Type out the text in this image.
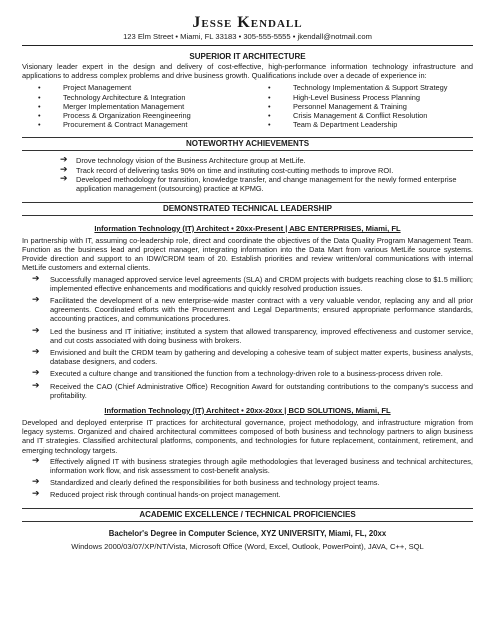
Jesse Kendall
123 Elm Street • Miami, FL 33183 • 305-555-5555 • jkendall@notmail.com
SUPERIOR IT ARCHITECTURE

Visionary leader expert in the design and delivery of cost-effective, high-performance information technology infrastructure and applications to address complex problems and drive business growth. Qualifications include over a decade of experience in:

•	Project Management
•	Technology Architecture & Integration
•	Merger Implementation Management
•	Process & Organization Reengineering
•	Procurement & Contract Management
•	Technology Implementation & Support Strategy
•	High-Level Business Process Planning
•	Personnel Management & Training
•	Crisis Management & Conflict Resolution
•	Team & Department Leadership
NOTEWORTHY ACHIEVEMENTS
➔ Drove technology vision of the Business Architecture group at MetLife.
➔ Track record of delivering tasks 90% on time and instituting cost-cutting methods to improve ROI.
➔ Developed methodology for transition, knowledge transfer, and change management for the newly formed enterprise application management (outsourcing) practice at KPMG.
DEMONSTRATED TECHNICAL LEADERSHIP
Information Technology (IT) Architect • 20xx-Present | ABC ENTERPRISES, Miami, FL

In partnership with IT, assuming co-leadership role, direct and coordinate the objectives of the Data Quality Program Management Team. Function as the business lead and project manager, integrating information into the Data Mart from various MetLife source systems. Provide direction and support to an IDW/CRDM team of 20. Establish priorities and review written/oral communications with internal MetLife customers and external clients.

➔ Successfully managed approved service level agreements (SLA) and CRDM projects with budgets reaching close to $1.5 million; implemented effective enhancements and modifications and quickly resolved production issues.
➔ Facilitated the development of a new enterprise-wide master contract with a very valuable vendor, replacing any and all prior agreements. Coordinated efforts with the Procurement and Legal Departments; ensured appropriate performance standards, accounting practices, and communications procedures.
➔ Led the business and IT initiative; instituted a system that allowed transparency, improved effectiveness and customer service, and cut costs associated with doing business with brokers.
➔ Envisioned and built the CRDM team by gathering and developing a cohesive team of subject matter experts, business analysts, database designers, and coders.
➔ Executed a culture change and transitioned the function from a technology-driven role to a business-process driven role.
➔ Received the CAO (Chief Administrative Office) Recognition Award for outstanding contributions to the company's success and profitability.
Information Technology (IT) Architect • 20xx-20xx | BCD SOLUTIONS, Miami, FL

Developed and deployed enterprise IT practices for architectural governance, project methodology, and infrastructure migration from legacy systems. Organized and chaired architectural committees composed of both business and technology partners to align business and IT strategies. Classified architectural platforms, components, and technologies for future replacement, containment, retirement, and emerging technology targets.

➔ Effectively aligned IT with business strategies through agile methodologies that leveraged business and technical architectures, information work flow, and risk assessment to cost-benefit analysis.
➔ Standardized and clearly defined the responsibilities for both business and technology project teams.
➔ Reduced project risk through continual hands-on project management.
ACADEMIC EXCELLENCE / TECHNICAL PROFICIENCIES
Bachelor's Degree in Computer Science, XYZ UNIVERSITY, Miami, FL, 20xx
Windows 2000/03/07/XP/NT/Vista, Microsoft Office (Word, Excel, Outlook, PowerPoint), JAVA, C++, SQL
